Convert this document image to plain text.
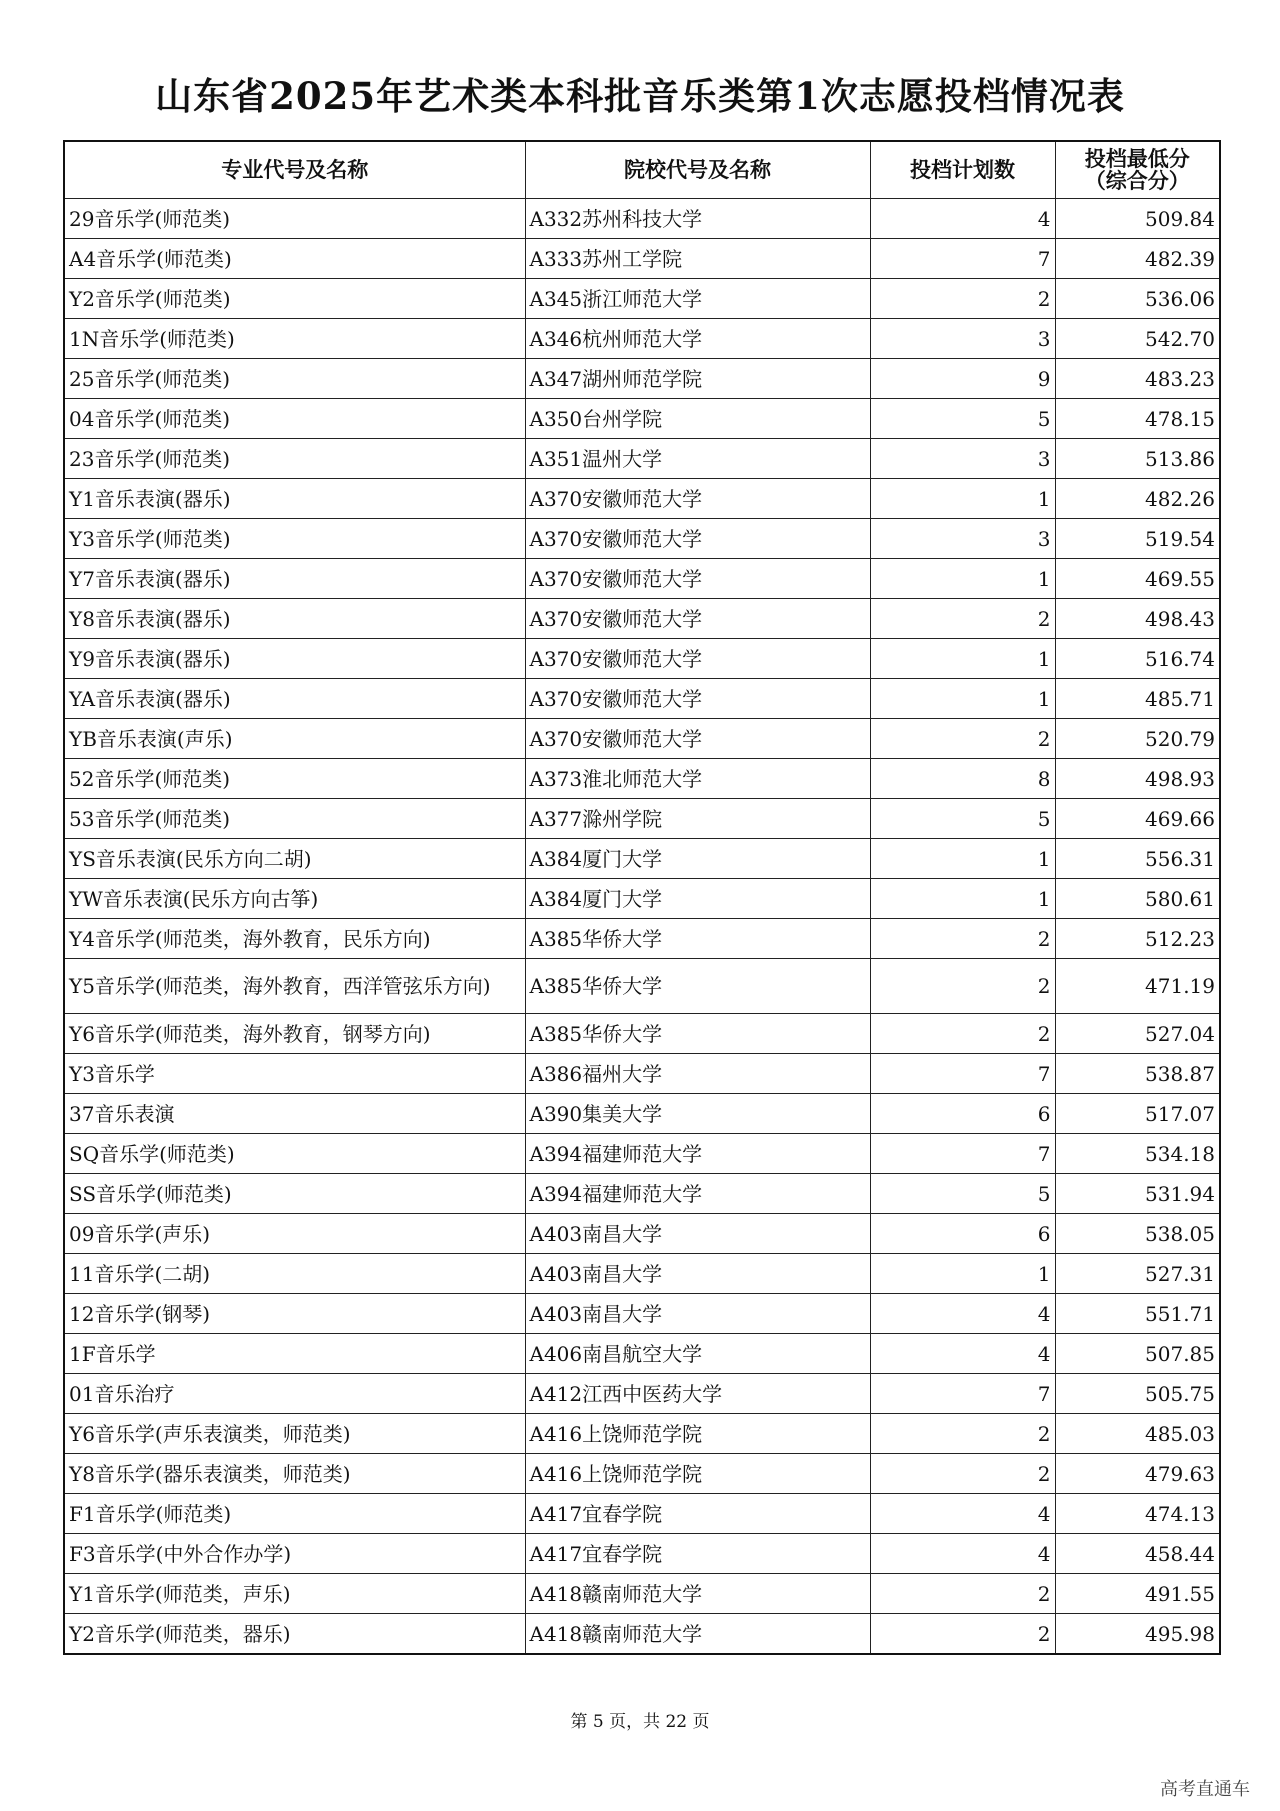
山东省2025年艺术类本科批音乐类第1次志愿投档情况表
专业代号及名称	院校代号及名称	投档计划数	投档最低分
（综合分）

29音乐学(师范类)	A332苏州科技大学	4	509.84
A4音乐学(师范类)	A333苏州工学院	7	482.39
Y2音乐学(师范类)	A345浙江师范大学	2	536.06
1N音乐学(师范类)	A346杭州师范大学	3	542.70
25音乐学(师范类)	A347湖州师范学院	9	483.23
04音乐学(师范类)	A350台州学院	5	478.15
23音乐学(师范类)	A351温州大学	3	513.86
Y1音乐表演(器乐)	A370安徽师范大学	1	482.26
Y3音乐学(师范类)	A370安徽师范大学	3	519.54
Y7音乐表演(器乐)	A370安徽师范大学	1	469.55
Y8音乐表演(器乐)	A370安徽师范大学	2	498.43
Y9音乐表演(器乐)	A370安徽师范大学	1	516.74
YA音乐表演(器乐)	A370安徽师范大学	1	485.71
YB音乐表演(声乐)	A370安徽师范大学	2	520.79
52音乐学(师范类)	A373淮北师范大学	8	498.93
53音乐学(师范类)	A377滁州学院	5	469.66
YS音乐表演(民乐方向二胡)	A384厦门大学	1	556.31
YW音乐表演(民乐方向古筝)	A384厦门大学	1	580.61
Y4音乐学(师范类，海外教育，民乐方向)	A385华侨大学	2	512.23
Y5音乐学(师范类，海外教育，西洋管弦乐方向)	A385华侨大学	2	471.19
Y6音乐学(师范类，海外教育，钢琴方向)	A385华侨大学	2	527.04
Y3音乐学	A386福州大学	7	538.87
37音乐表演	A390集美大学	6	517.07
SQ音乐学(师范类)	A394福建师范大学	7	534.18
SS音乐学(师范类)	A394福建师范大学	5	531.94
09音乐学(声乐)	A403南昌大学	6	538.05
11音乐学(二胡)	A403南昌大学	1	527.31
12音乐学(钢琴)	A403南昌大学	4	551.71
1F音乐学	A406南昌航空大学	4	507.85
01音乐治疗	A412江西中医药大学	7	505.75
Y6音乐学(声乐表演类，师范类)	A416上饶师范学院	2	485.03
Y8音乐学(器乐表演类，师范类)	A416上饶师范学院	2	479.63
F1音乐学(师范类)	A417宜春学院	4	474.13
F3音乐学(中外合作办学)	A417宜春学院	4	458.44
Y1音乐学(师范类，声乐)	A418赣南师范大学	2	491.55
Y2音乐学(师范类，器乐)	A418赣南师范大学	2	495.98
第 5 页，共 22 页
高考直通车
